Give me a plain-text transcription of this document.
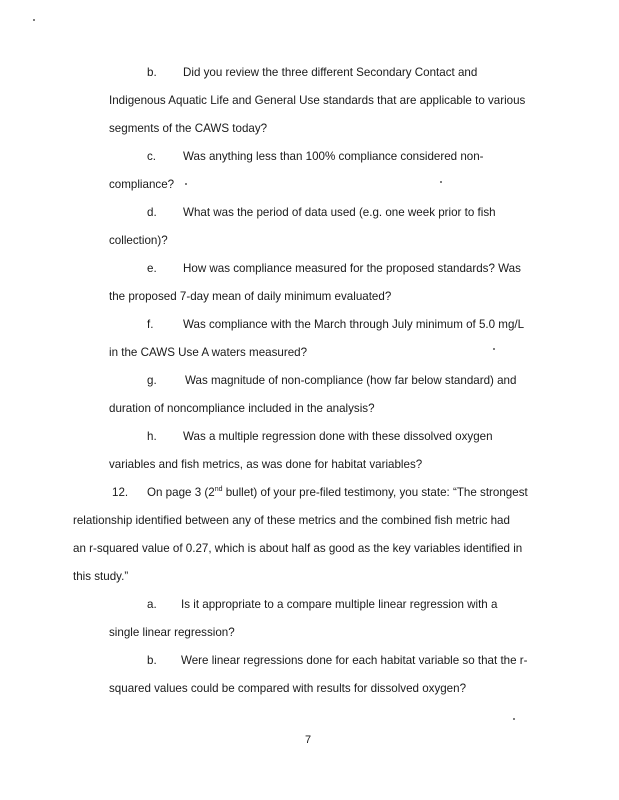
b. Did you review the three different Secondary Contact and
Indigenous Aquatic Life and General Use standards that are applicable to various
segments of the CAWS today?
c. Was anything less than 100% compliance considered non-
compliance?
d. What was the period of data used (e.g. one week prior to fish
collection)?
e. How was compliance measured for the proposed standards? Was
the proposed 7-day mean of daily minimum evaluated?
f.	Was compliance with the March through July minimum of 5.0 mg/L
in the CAWS Use A waters measured?
g. Was magnitude of non-compliance (how far below standard) and
duration of noncompliance included in the analysis?
h. Was a multiple regression done with these dissolved oxygen
variables and fish metrics, as was done for habitat variables?
12. On page 3 (2nd bullet) of your pre-filed testimony, you state: “The strongest
relationship identified between any of these metrics and the combined fish metric had
an r-squared value of 0.27, which is about half as good as the key variables identified in
this study.”
a. Is it appropriate to a compare multiple linear regression with a
single linear regression?
b. Were linear regressions done for each habitat variable so that the r-
squared values could be compared with results for dissolved oxygen?
7
